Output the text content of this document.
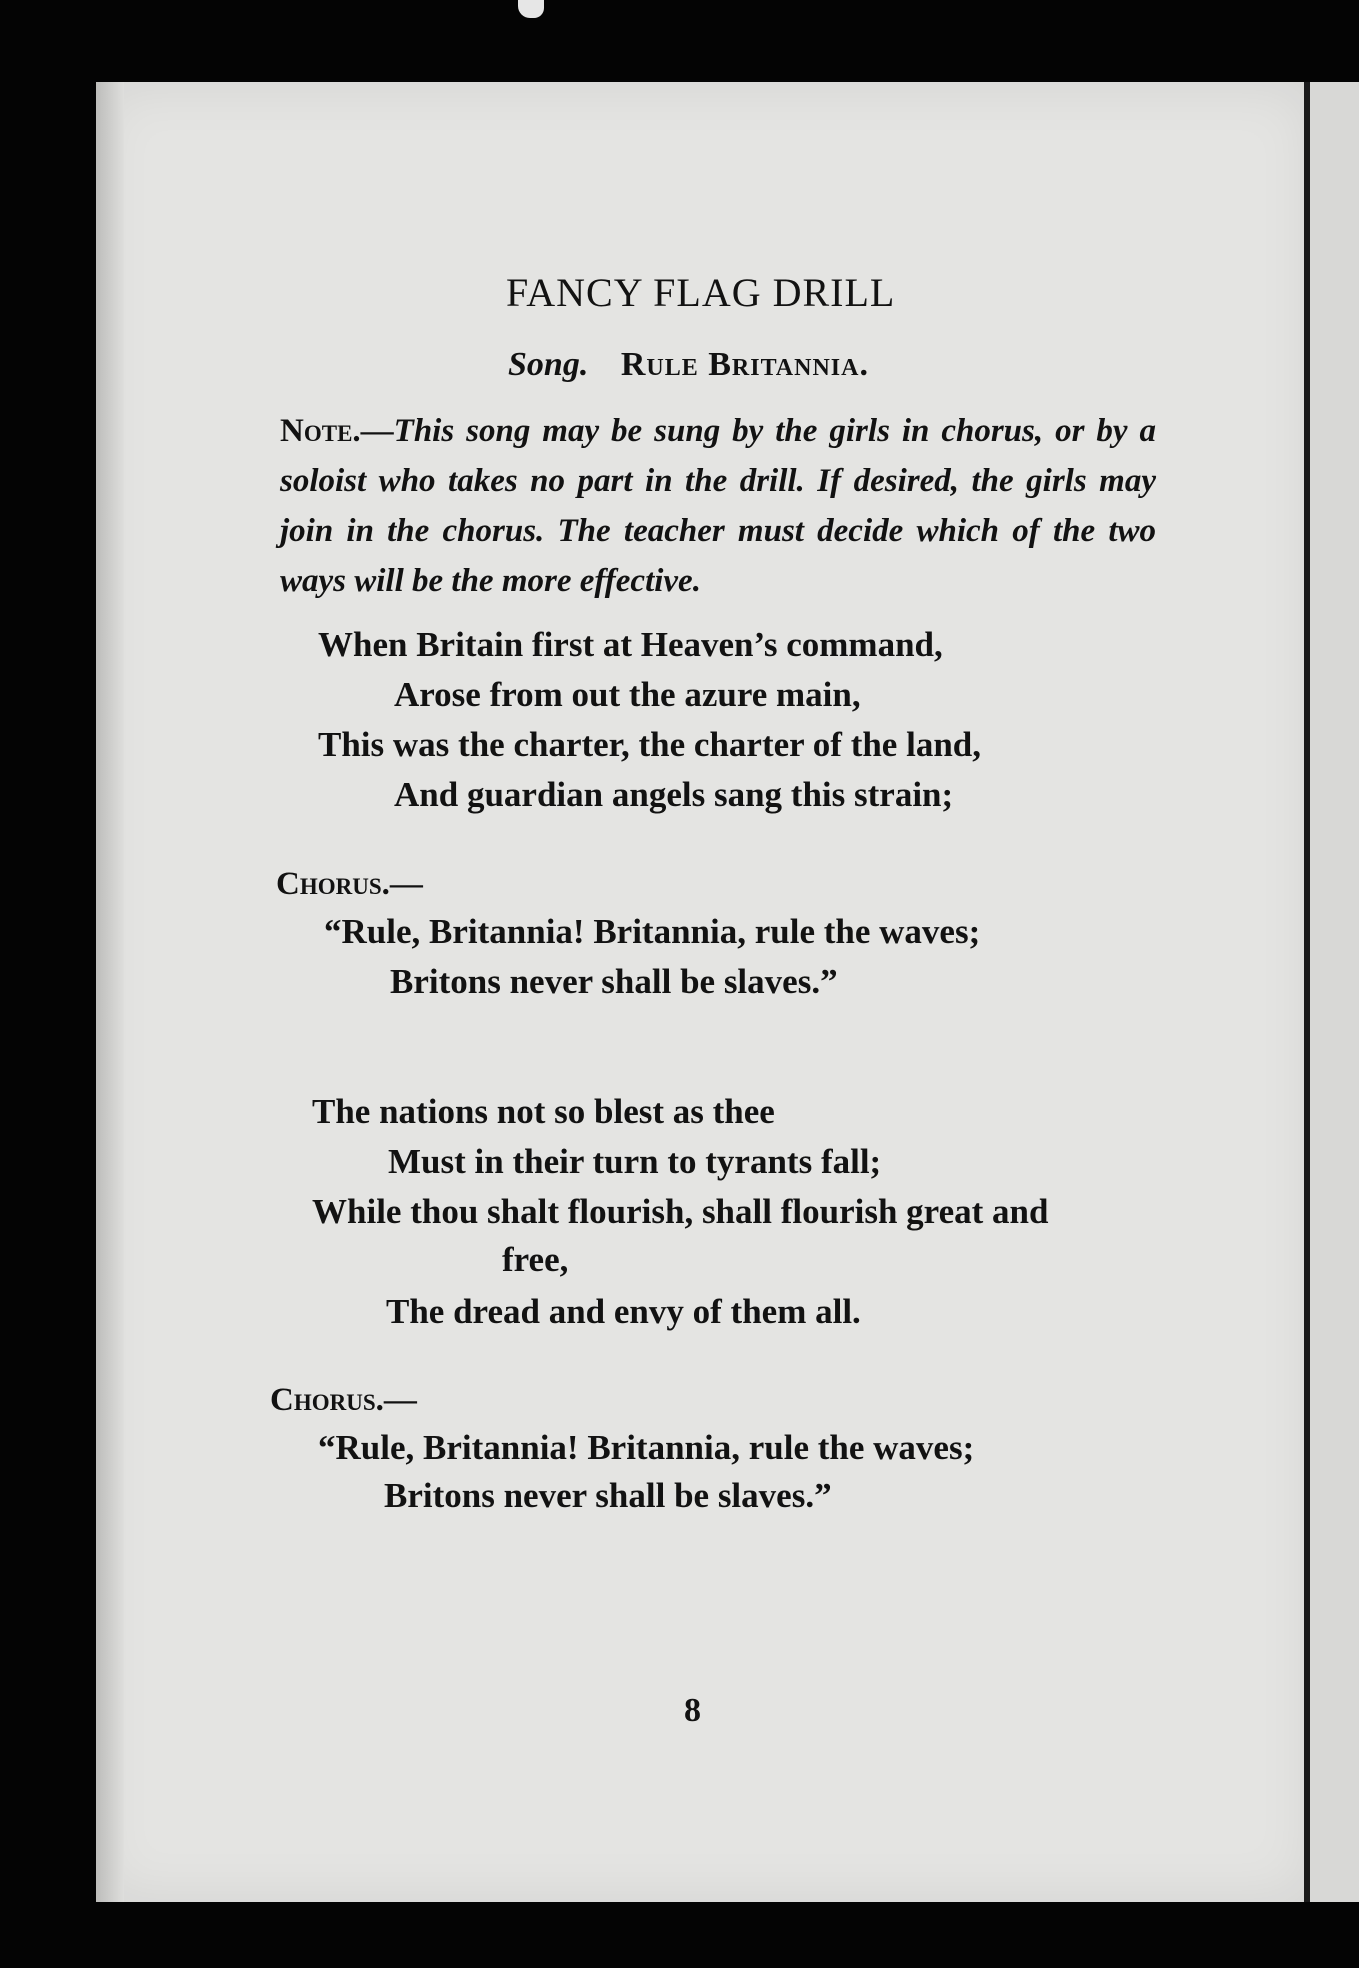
FANCY FLAG DRILL
Song. Rule Britannia.
Note.—This song may be sung by the girls in chorus, or by a soloist who takes no part in the drill. If desired, the girls may join in the chorus. The teacher must decide which of the two ways will be the more effective.
When Britain first at Heaven’s command,
Arose from out the azure main,
This was the charter, the charter of the land,
And guardian angels sang this strain;
Chorus.—
“Rule, Britannia! Britannia, rule the waves;
Britons never shall be slaves.”
The nations not so blest as thee
Must in their turn to tyrants fall;
While thou shalt flourish, shall flourish great and
free,
The dread and envy of them all.
Chorus.—
“Rule, Britannia! Britannia, rule the waves;
Britons never shall be slaves.”
8
